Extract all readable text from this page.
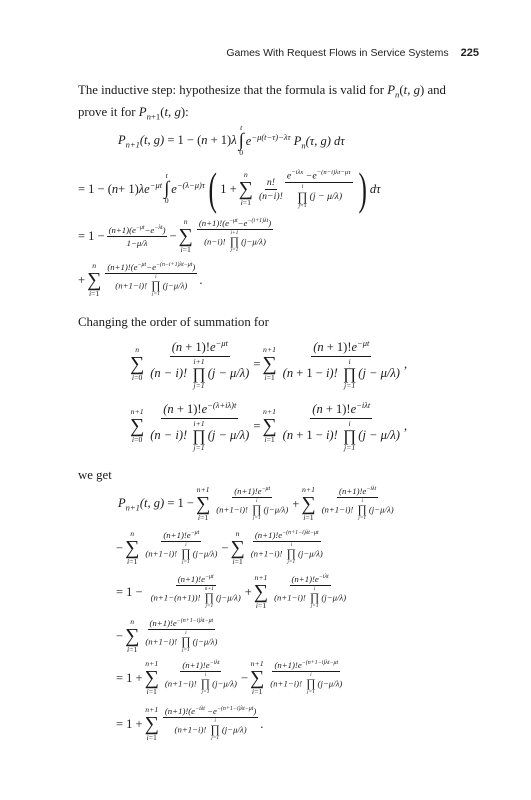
Games With Request Flows in Service Systems 225
The inductive step: hypothesize that the formula is valid for $P_n(t$, g) and
prove it for $P_{n+1}(t$, g):
$P_{n+1}(t$, g) = 1 − (n + 1)λ
t
∫
0
$e^{-\mu(t-\tau)-\lambda\tau}$ $P_n(\tau$, g) dτ
= 1 − ( n + 1) $\lambda e^{-\mu t}$
t
∫
0
$e^{-(\lambda-\mu)\tau}$ ( 1 +
n
∑
i=1
$\frac{n!}{(n-i)!} e^{-i\lambda x} -e^{-(n-i)\lambda\tau-\mu\tau}$
i
∏
j=1
(j − μ/λ) ) dτ
= $1 - \frac{(n+1)(e^{-\mu t}-e^{-\lambda t})}{1-\mu/\lambda}$ −
n
∑
i=1 $(n+1)!(e^{-\mu t}-e^{-(i+1)\lambda t})$
(n−i)!
i+1
∏
j=1
(j−μ/λ)
+
n
∑
i=1 $(n+1)!(e^{-\mu t}-e^{-(n-i+1)\lambda t-\mu t})$
(n+1−i)!
i
∏
j=1
(j−μ/λ) .
Changing the order of summation for
n
∑
i=0 $(n + 1)!e^{-\mu t}$
(n − i)!
i+1
∏
j=1
(j − μ/λ) =
n+1
∑
i=1 $(n + 1)!e^{-\mu t}$
(n + 1 − i)!
i
∏
j=1
(j − μ/λ) ,
n+1
∑
i=0 $(n + 1)!e^{-(\lambda+i\lambda)t}$
(n − i)!
i+1
∏
j=1
(j − μ/λ) =
n+1
∑
i=1 $(n + 1)!e^{-i\lambda t}$
(n + 1 − i)!
i
∏
j=1
(j − μ/λ) ,
we get
$P_{n+1}(t$, g) = 1 −
n+1
∑
i=1 $(n+1)!e^{-\mu t}$
(n+1−i)!
i
∏
j=1
(j−μ/λ) +
n+1
∑
i=1 $(n+1)!e^{-i\lambda t}$
(n+1−i)!
i
∏
j=1
(j−μ/λ)
−
n
∑
i=1 $(n+1)!e^{-\mu t}$
(n+1−i)!
i
∏
j=1
(j−μ/λ) −
n
∑
i=1 $(n+1)!e^{-(n+1-i)\lambda t-\mu t}$
(n+1−i)!
i
∏
j=1
(j−μ/λ)
= $1 - (n+1)!e^{-\mu t}$
(n+1−(n+1))!
n+1
∏
j=1
(j−μ/λ) +
n+1
∑
i=1 $(n+1)!e^{-i\lambda t}$
(n+1−i)!
i
∏
j=1
(j−μ/λ)
−
n
∑
i=1 $(n+1)!e^{-(n+1-i)\lambda t-\mu t}$
(n+1−i)!
i
∏
j=1
(j−μ/λ)
= 1 +
n+1
∑
i=1 $(n+1)!e^{-i\lambda t}$
(n+1−i)!
i
∏
j=1
(j−μ/λ) −
n+1
∑
i=1 $(n+1)!e^{-(n+1-i)\lambda t-\mu t}$
(n+1−i)!
i
∏
j=1
(j−μ/λ)
= 1 +
n+1
∑
i=1 $(n+1)!(e^{-i\lambda t} -e^{-(n+1-i)\lambda t-\mu t})$
(n+1−i)!
i
∏
j=1
(j−μ/λ) .
